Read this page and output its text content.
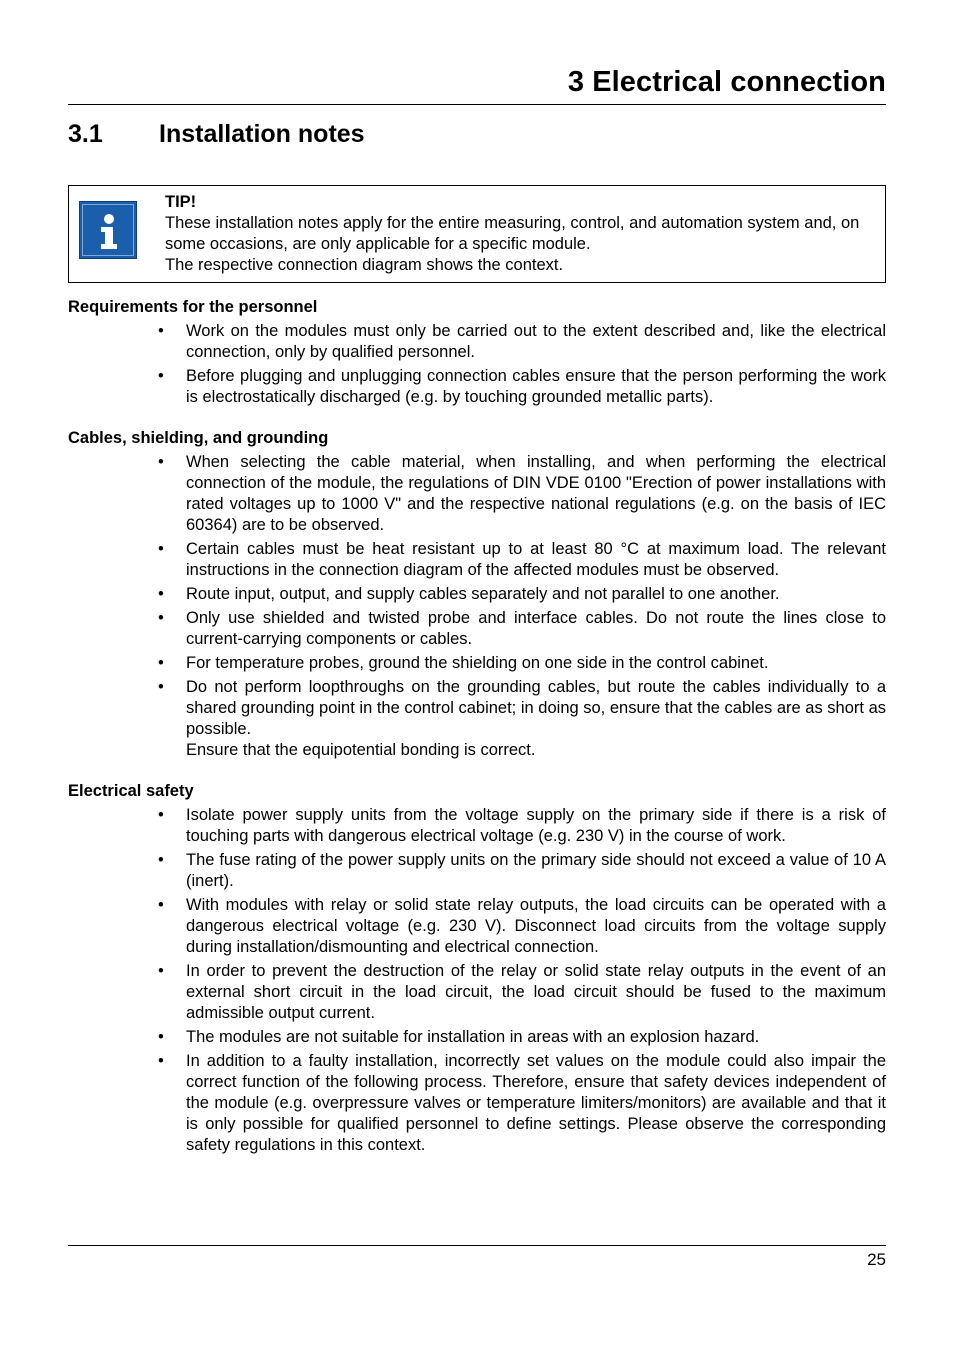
3 Electrical connection
3.1 Installation notes

TIP!

These installation notes apply for the entire measuring, control, and automation system and, on some occasions, are only applicable for a specific module.

The respective connection diagram shows the context.

Requirements for the personnel

• Work on the modules must only be carried out to the extent described and, like the electrical connection, only by qualified personnel.
• Before plugging and unplugging connection cables ensure that the person performing the work is electrostatically discharged (e.g. by touching grounded metallic parts).

Cables, shielding, and grounding

• When selecting the cable material, when installing, and when performing the electrical connection of the module, the regulations of DIN VDE 0100 "Erection of power installations with rated voltages up to 1000 V" and the respective national regulations (e.g. on the basis of IEC 60364) are to be observed.
• Certain cables must be heat resistant up to at least 80 °C at maximum load. The relevant instructions in the connection diagram of the affected modules must be observed.
• Route input, output, and supply cables separately and not parallel to one another.
• Only use shielded and twisted probe and interface cables. Do not route the lines close to current-carrying components or cables.
• For temperature probes, ground the shielding on one side in the control cabinet.
• Do not perform loopthroughs on the grounding cables, but route the cables individually to a shared grounding point in the control cabinet; in doing so, ensure that the cables are as short as possible.
Ensure that the equipotential bonding is correct.

Electrical safety

• Isolate power supply units from the voltage supply on the primary side if there is a risk of touching parts with dangerous electrical voltage (e.g. 230 V) in the course of work.
• The fuse rating of the power supply units on the primary side should not exceed a value of 10 A (inert).
• With modules with relay or solid state relay outputs, the load circuits can be operated with a dangerous electrical voltage (e.g. 230 V). Disconnect load circuits from the voltage supply during installation/dismounting and electrical connection.
• In order to prevent the destruction of the relay or solid state relay outputs in the event of an external short circuit in the load circuit, the load circuit should be fused to the maximum admissible output current.
• The modules are not suitable for installation in areas with an explosion hazard.
• In addition to a faulty installation, incorrectly set values on the module could also impair the correct function of the following process. Therefore, ensure that safety devices independent of the module (e.g. overpressure valves or temperature limiters/monitors) are available and that it is only possible for qualified personnel to define settings. Please observe the corresponding safety regulations in this context.
25
